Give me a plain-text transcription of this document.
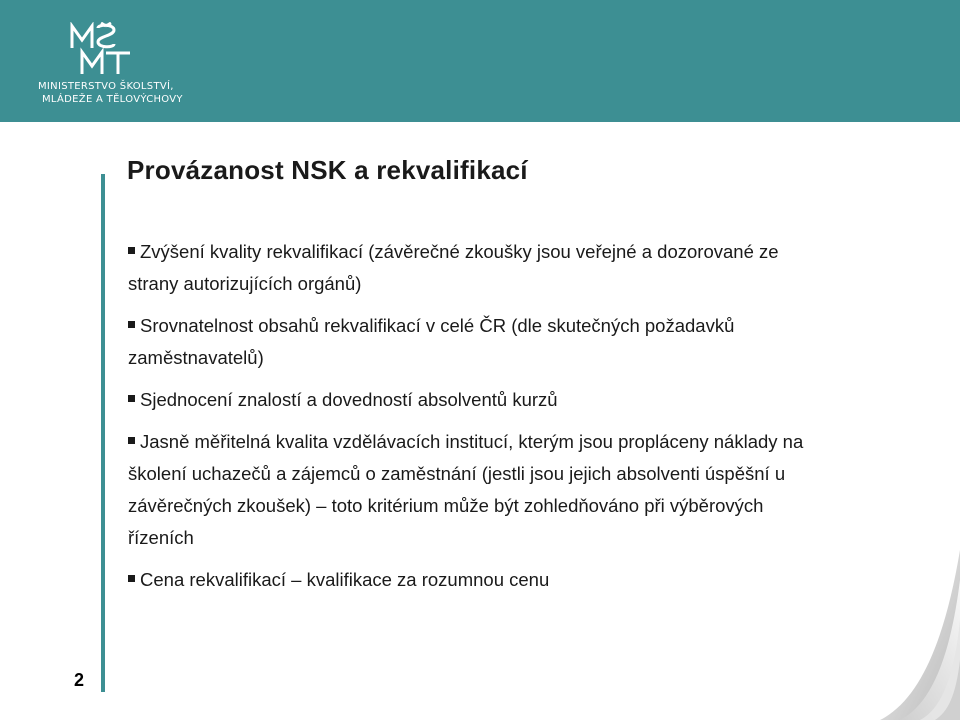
MINISTERSTVO ŠKOLSTVÍ,
MLÁDEŽE A TĚLOVÝCHOVY
Provázanost NSK a rekvalifikací
Zvýšení kvality rekvalifikací (závěrečné zkoušky jsou veřejné a dozorované ze strany autorizujících orgánů)
Srovnatelnost obsahů rekvalifikací v celé ČR (dle skutečných požadavků zaměstnavatelů)
Sjednocení znalostí a dovedností absolventů kurzů
Jasně měřitelná kvalita vzdělávacích institucí, kterým jsou propláceny náklady na školení uchazečů a zájemců o zaměstnání (jestli jsou jejich absolventi úspěšní u závěrečných zkoušek) – toto kritérium může být zohledňováno při výběrových řízeních
Cena rekvalifikací – kvalifikace za rozumnou cenu
2
